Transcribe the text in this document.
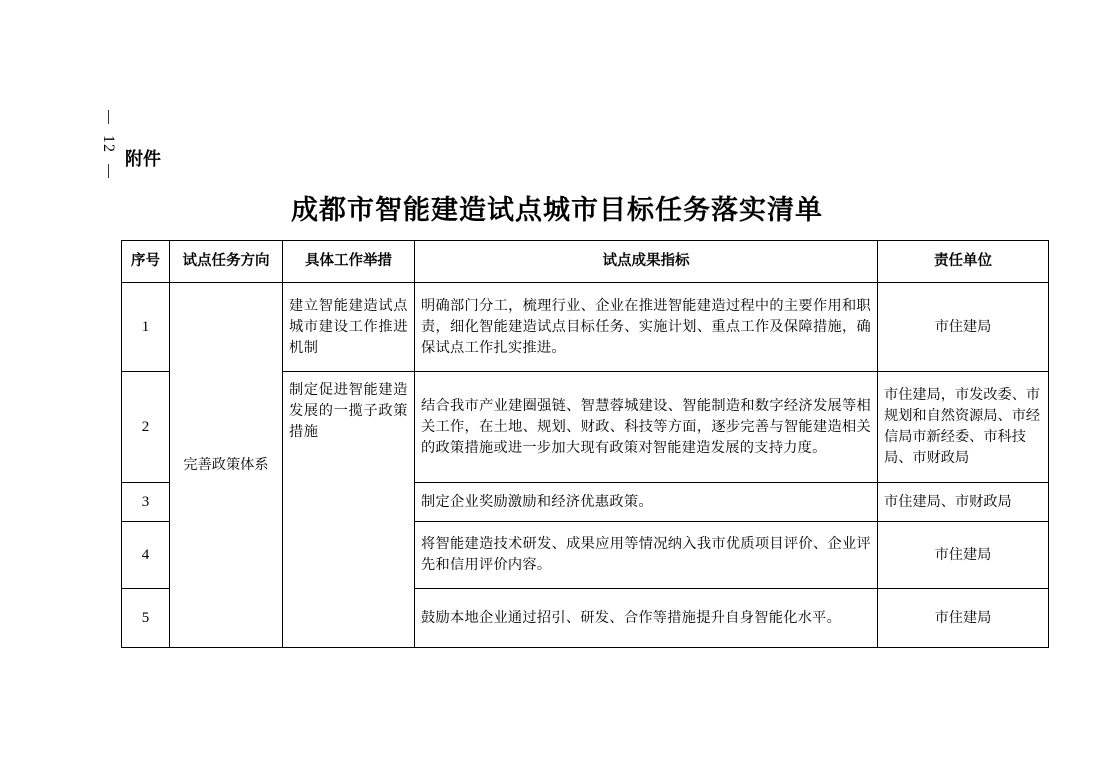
12
附件
成都市智能建造试点城市目标任务落实清单
序号	试点任务方向	具体工作举措	试点成果指标	责任单位
1	完善政策体系	建立智能建造试点城市建设工作推进机制	明确部门分工，梳理行业、企业在推进智能建造过程中的主要作用和职责，细化智能建造试点目标任务、实施计划、重点工作及保障措施，确保试点工作扎实推进。	市住建局
2		制定促进智能建造发展的一揽子政策措施	结合我市产业建圈强链、智慧蓉城建设、智能制造和数字经济发展等相关工作，在土地、规划、财政、科技等方面，逐步完善与智能建造相关的政策措施或进一步加大现有政策对智能建造发展的支持力度。	市住建局，市发改委、市规划和自然资源局、市经信局市新经委、市科技局、市财政局
3			制定企业奖励激励和经济优惠政策。	市住建局、市财政局
4			将智能建造技术研发、成果应用等情况纳入我市优质项目评价、企业评先和信用评价内容。	市住建局
5			鼓励本地企业通过招引、研发、合作等措施提升自身智能化水平。	市住建局
